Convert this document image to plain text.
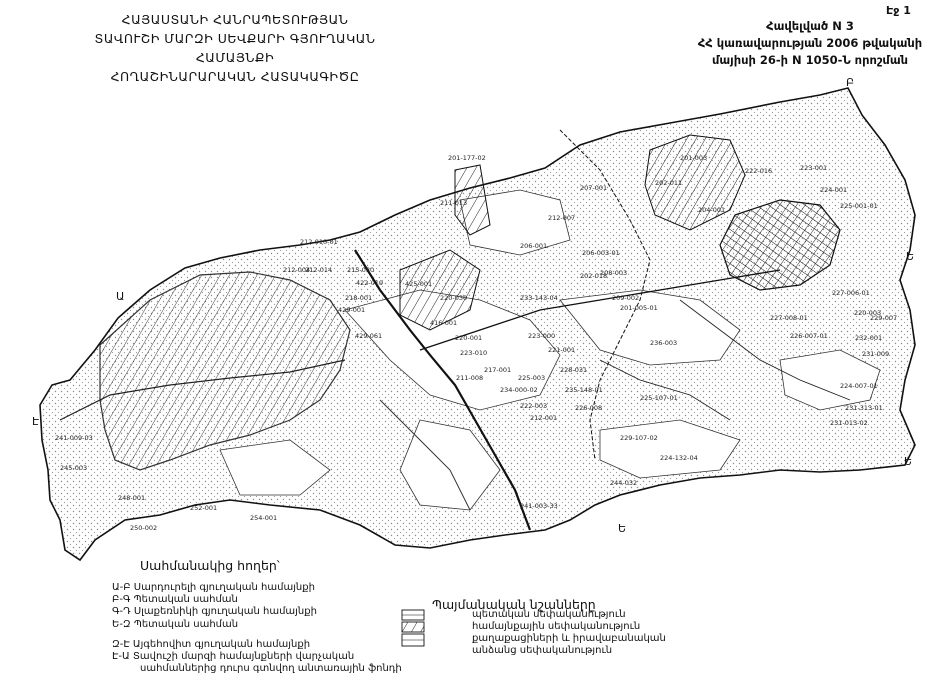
Էջ 1
ՀԱՅԱՍՏԱՆԻ ՀԱՆՐԱՊԵՏՈՒԹՅԱՆ
ՏԱՎՈՒՇԻ ՄԱՐԶԻ ՍԵՎՔԱՐԻ ԳՅՈՒՂԱԿԱՆ ՀԱՄԱՅՆՔԻ
ՀՈՂԱՇԻՆԱՐԱՐԱԿԱՆ ՀԱՏԱԿԱԳԻԾԸ
Հավելված N 3
ՀՀ կառավարության 2006 թվականի
մայիսի 26-ի N 1050-Ն որոշման
201-177-02
211-013
212-010-01
212-004
212-014 215-030
218-001
422-019
429-001
425-001
416-001
429-061	220-001
223-010
217-001
233-143-04
234-000-02
222-003
220-030
223-000
212-001
221-001
228-031
235-148-01
226-008
225-003
211-008
236-003
212-007
207-001
206-001
206-003-01
208-003
209-002
201-005-01
202-018
202-011
201-003
204-001
222-016	223-001
224-001
225-001-01
227-006-01
220-003
229-007
232-001
231-009
227-008-01
226-007-01
224-007-01
231-313-01
231-013-02
229-107-02
225-107-01
224-132-04
244-032
241-003-33
241-009-03
245-003
248-001
250-002
252-001
254-001
Բ
Ա
Ե
Է
Ե
Ե
Սահմանակից հողեր՝
Ա-Բ Սարդուրելի գյուղական համայնքի
Բ-Գ Պետական սահման
Գ-Դ Սլաքեռնիկի գյուղական համայնքի
Ե-Զ Պետական սահման
Զ-Է Այգեհովիտ գյուղական համայնքի
Է-Ա Տավուշի մարզի համայնքների վարչական
սահմաններից դուրս գտնվող անտառային ֆոնդի
Պայմանական նշանները
պետական սեփականություն
համայնքային սեփականություն
քաղաքացիների և իրավաբանական
անձանց սեփականություն
